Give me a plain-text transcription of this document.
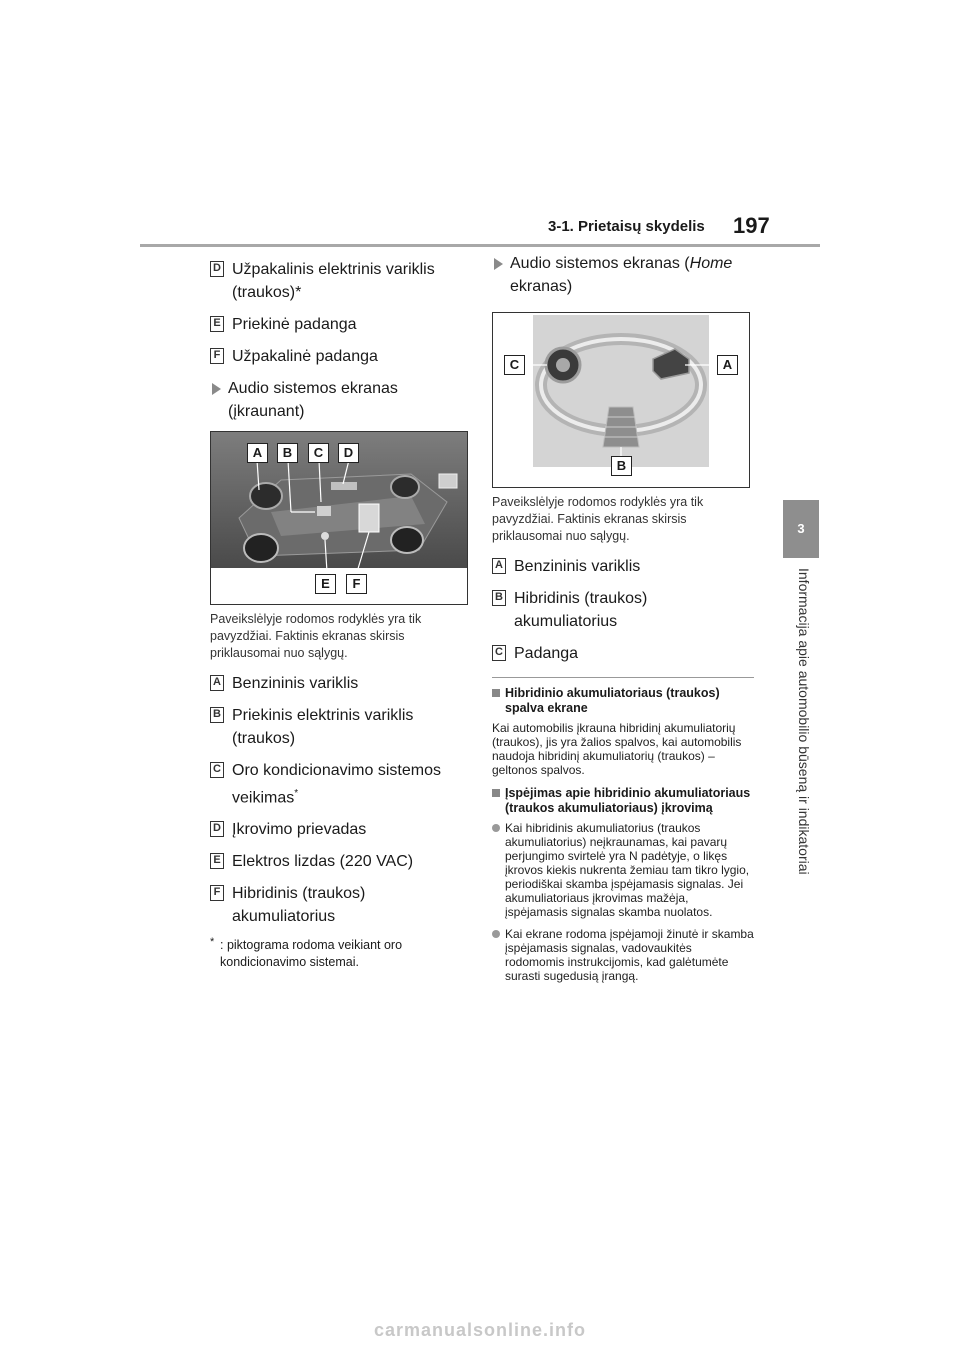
3-1. Prietaisų skydelis 197
3
Informacija apie automobilio būseną ir indikatoriai
D Užpakalinis elektrinis variklis (traukos)*
E Priekinė padanga
F Užpakalinė padanga
Audio sistemos ekranas (įkraunant)
A	B	C	D
E	F
Paveikslėlyje rodomos rodyklės yra tik pavyzdžiai. Faktinis ekranas skirsis priklausomai nuo sąlygų.
A Benzininis variklis
B Priekinis elektrinis variklis (traukos)
C Oro kondicionavimo sistemos veikimas*
D Įkrovimo prievadas
E Elektros lizdas (220 VAC)
F Hibridinis (traukos) akumuliatorius
* : piktograma rodoma veikiant oro kondicionavimo sistemai.
Audio sistemos ekranas (Home ekranas)
C	A
B
Paveikslėlyje rodomos rodyklės yra tik pavyzdžiai. Faktinis ekranas skirsis priklausomai nuo sąlygų.
A Benzininis variklis
B Hibridinis (traukos) akumuliatorius
C Padanga
Hibridinio akumuliatoriaus (traukos) spalva ekrane
Kai automobilis įkrauna hibridinį akumuliatorių (traukos), jis yra žalios spalvos, kai automobilis naudoja hibridinį akumuliatorių (traukos) – geltonos spalvos.
Įspėjimas apie hibridinio akumuliatoriaus (traukos akumuliatoriaus) įkrovimą
Kai hibridinis akumuliatorius (traukos akumuliatorius) neįkraunamas, kai pavarų perjungimo svirtelė yra N padėtyje, o likęs įkrovos kiekis nukrenta žemiau tam tikro lygio, periodiškai skamba įspėjamasis signalas. Jei akumuliatoriaus įkrovimas mažėja, įspėjamasis signalas skamba nuolatos.
Kai ekrane rodoma įspėjamoji žinutė ir skamba įspėjamasis signalas, vadovaukitės rodomomis instrukcijomis, kad galėtumėte surasti sugedusią įrangą.
carmanualsonline.info
